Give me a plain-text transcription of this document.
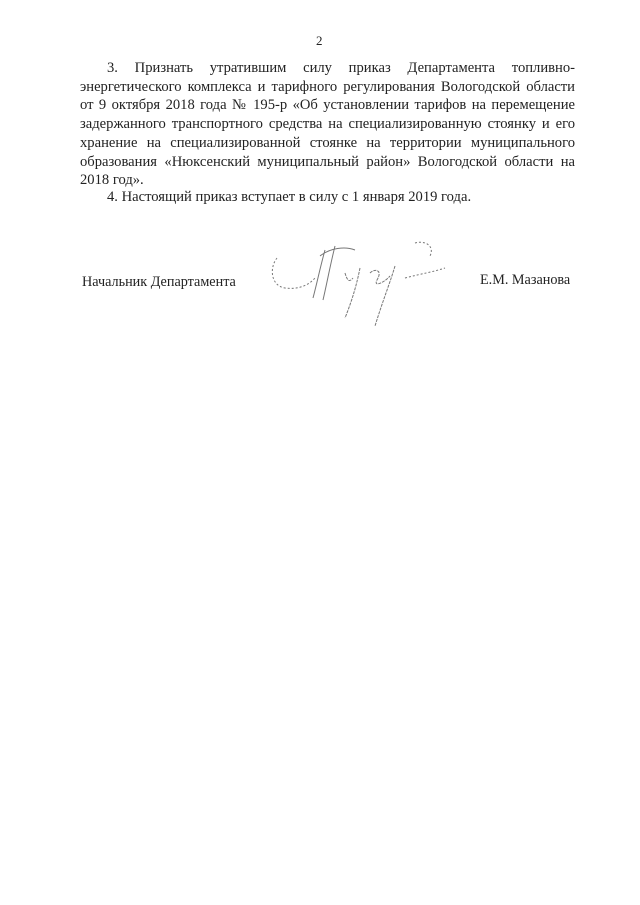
2
3. Признать утратившим силу приказ Департамента топливно-
энергетического комплекса и тарифного регулирования Вологодской области
от 9 октября 2018 года № 195-р «Об установлении тарифов на перемещение
задержанного транспортного средства на специализированную стоянку и его
хранение на специализированной стоянке на территории муниципального
образования «Нюксенский муниципальный район» Вологодской области на
2018 год».
4. Настоящий приказ вступает в силу с 1 января 2019 года.
Начальник Департамента	Е.М. Мазанова
